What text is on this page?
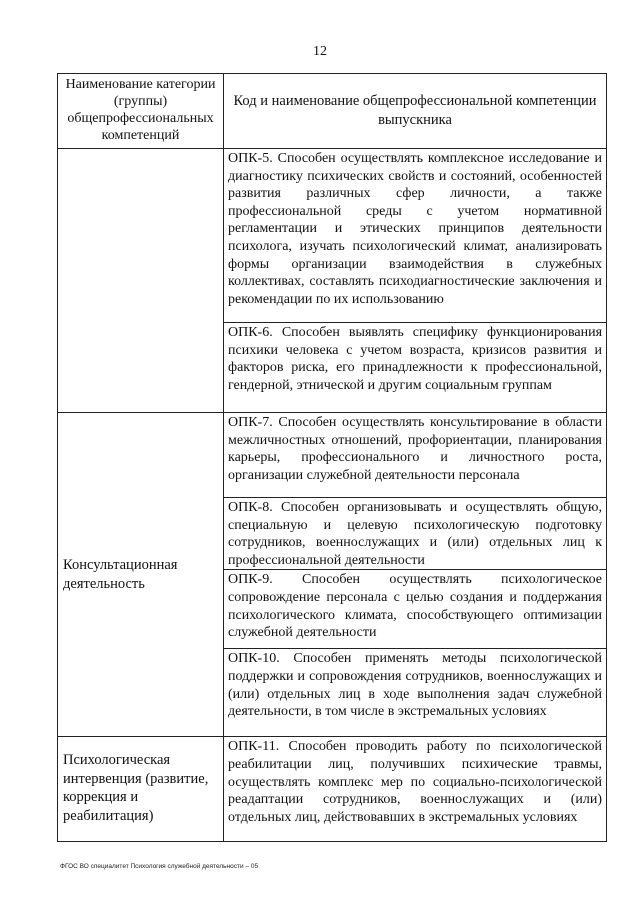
12
Наименование категории (группы) общепрофессиональных компетенций	Код и наименование общепрофессиональной компетенции выпускника
	ОПК-5. Способен осуществлять комплексное исследование и диагностику психических свойств и состояний, особенностей развития различных сфер личности, а также профессиональной среды с учетом нормативной регламентации и этических принципов деятельности психолога, изучать психологический климат, анализировать формы организации взаимодействия в служебных коллективах, составлять психодиагностические заключения и рекомендации по их использованию
	ОПК-6. Способен выявлять специфику функционирования психики человека с учетом возраста, кризисов развития и факторов риска, его принадлежности к профессиональной, гендерной, этнической и другим социальным группам
Консультационная деятельность	ОПК-7. Способен осуществлять консультирование в области межличностных отношений, профориентации, планирования карьеры, профессионального и личностного роста, организации служебной деятельности персонала
	ОПК-8. Способен организовывать и осуществлять общую, специальную и целевую психологическую подготовку сотрудников, военнослужащих и (или) отдельных лиц к профессиональной деятельности
	ОПК-9. Способен осуществлять психологическое сопровождение персонала с целью создания и поддержания психологического климата, способствующего оптимизации служебной деятельности
	ОПК-10. Способен применять методы психологической поддержки и сопровождения сотрудников, военнослужащих и (или) отдельных лиц в ходе выполнения задач служебной деятельности, в том числе в экстремальных условиях
Психологическая интервенция (развитие, коррекция и реабилитация)	ОПК-11. Способен проводить работу по психологической реабилитации лиц, получивших психические травмы, осуществлять комплекс мер по социально-психологической реадаптации сотрудников, военнослужащих и (или) отдельных лиц, действовавших в экстремальных условиях
ФГОС ВО специалитет Психология служебной деятельности – 05
